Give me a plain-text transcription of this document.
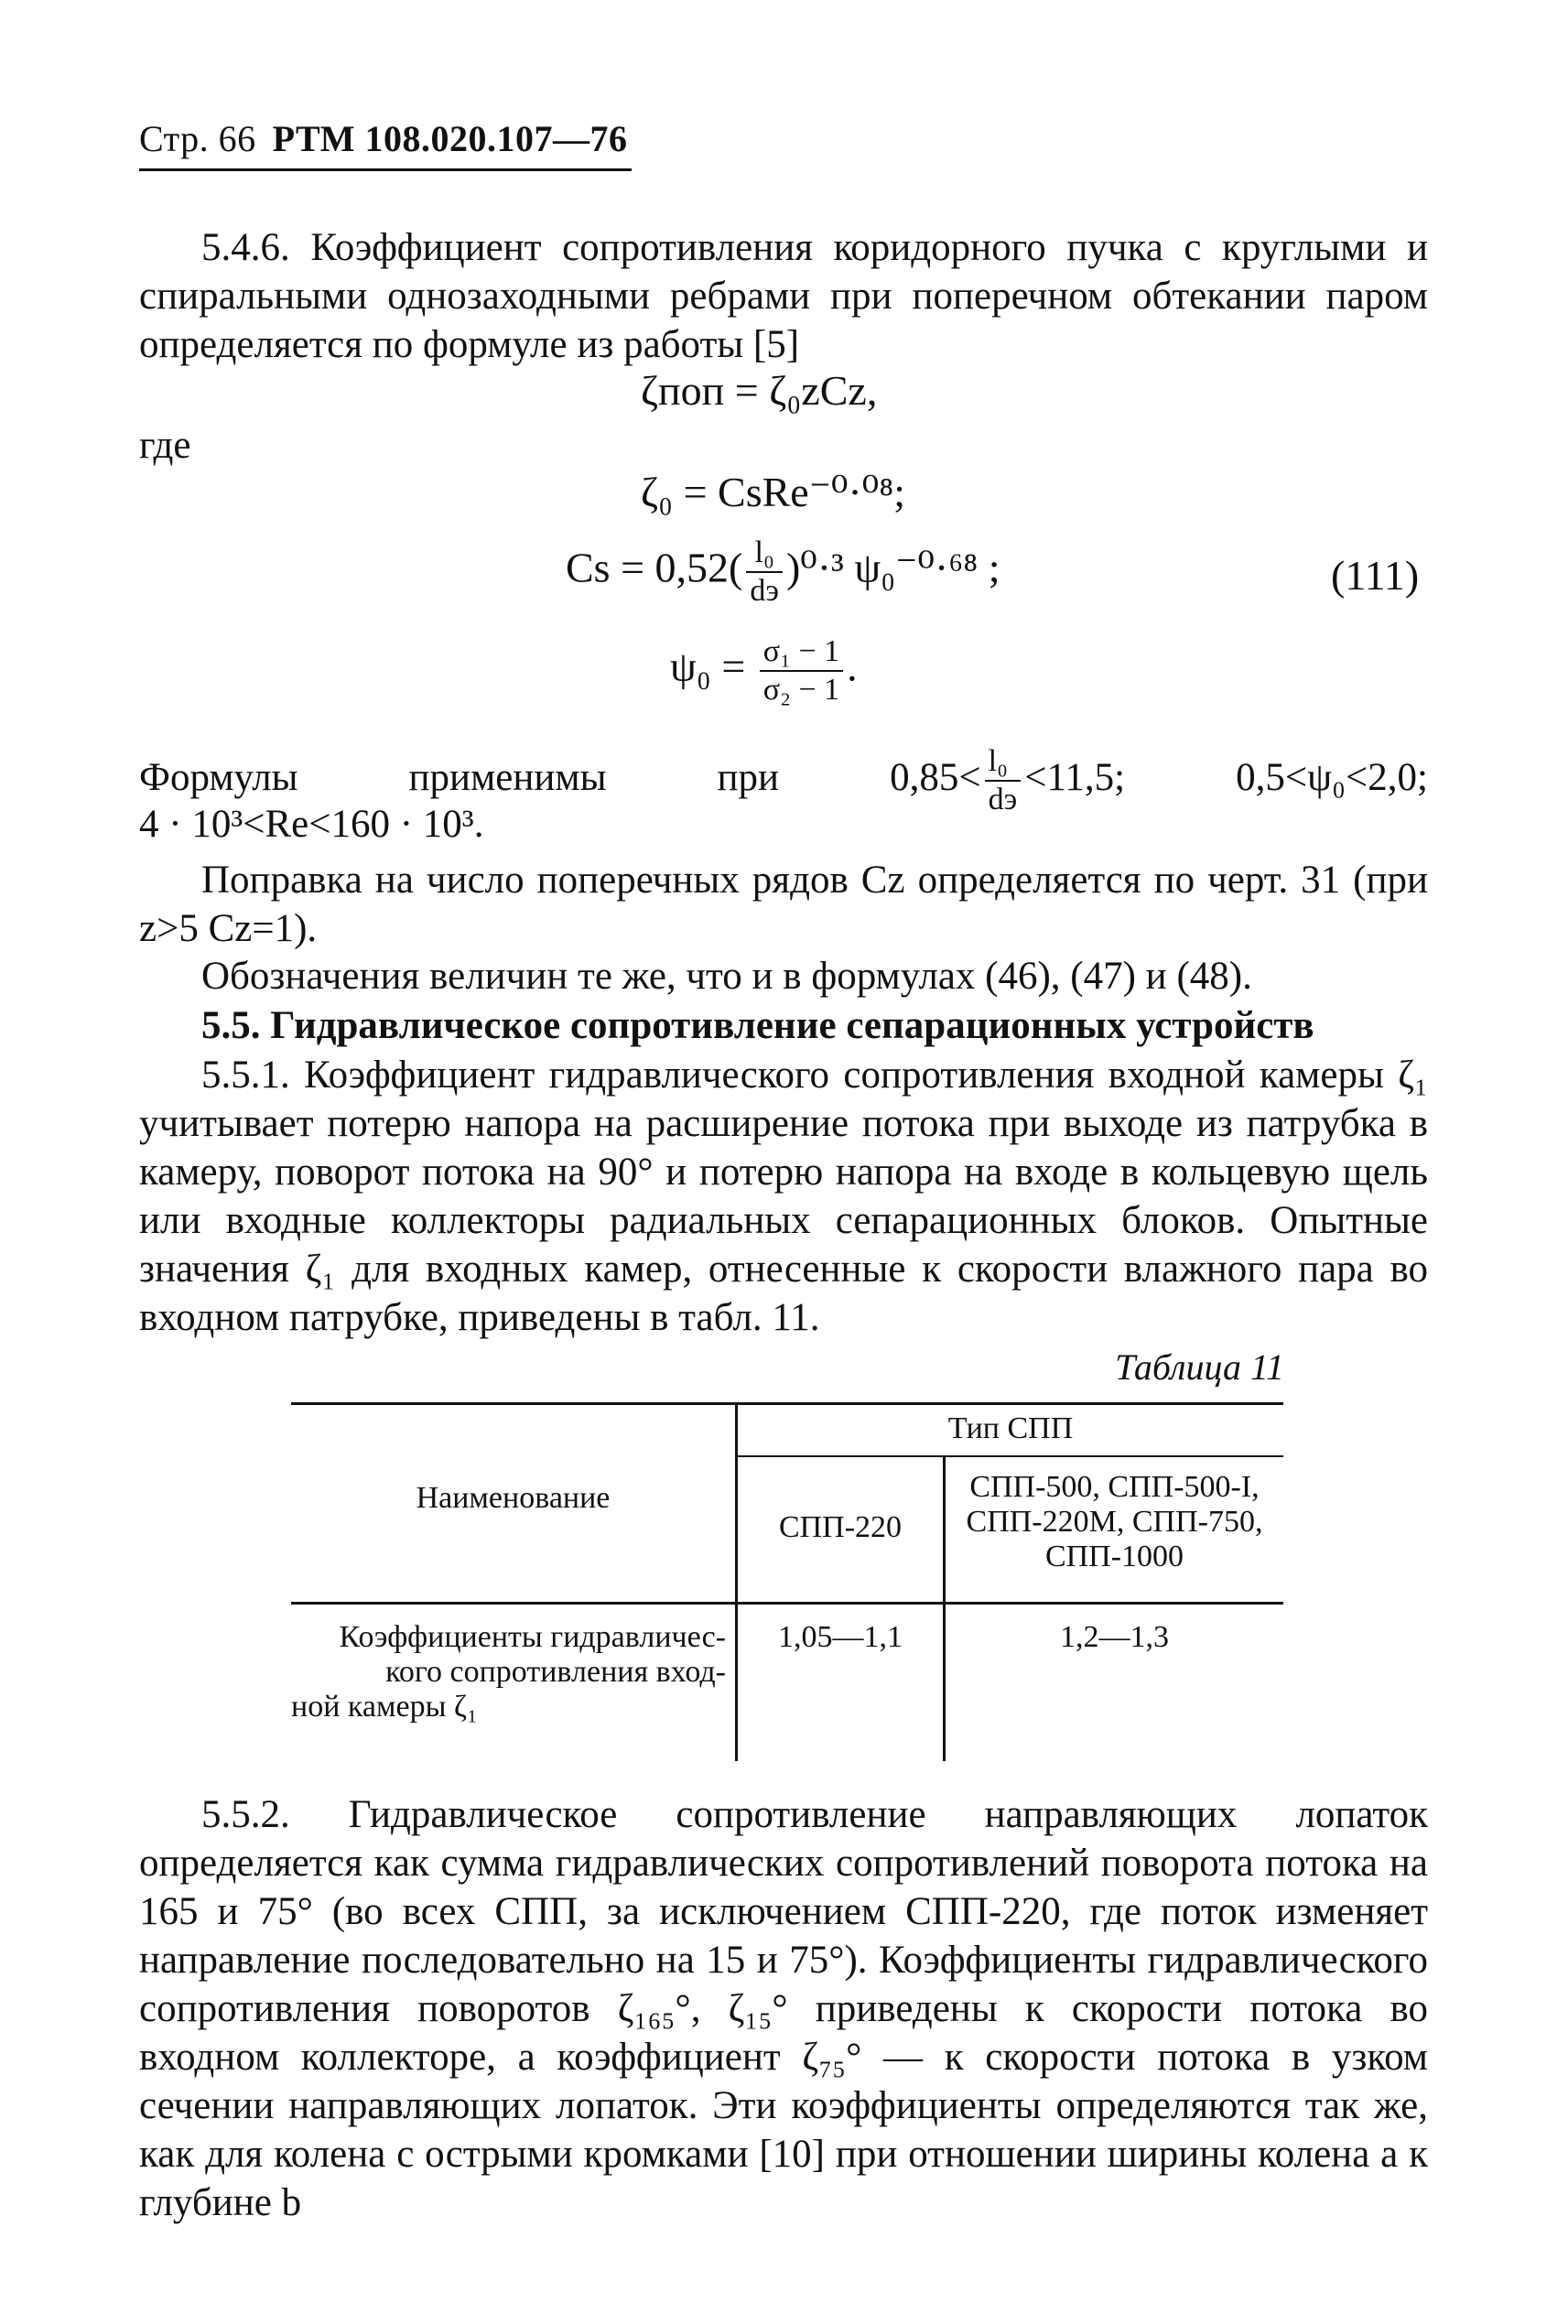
Стр. 66 РТМ 108.020.107—76
5.4.6. Коэффициент сопротивления коридорного пучка с круглыми и спиральными однозаходными ребрами при поперечном обтекании паром определяется по формуле из работы [5]
ζпоп = ζ₀zCz,
где
ζ₀ = CsRe⁻⁰·⁰⁸;
$Cs = 0,52( \frac{\text{l₀}}{dэ} )^0\cdot^3$ ψ₀⁻⁰·⁶⁸ ;	(111)
$\psi_0 = \frac{\text{σ₁ − 1}}{\text{σ₂ − 1}}$ .
Формулы применимы при $0,85< \frac{\text{l₀}}{dэ} <11,5$; 0,5<ψ₀<2,0;
4 · 10³<Re<160 · 10³.
Поправка на число поперечных рядов Cz определяется по черт. 31 (при z>5 Cz=1).
Обозначения величин те же, что и в формулах (46), (47) и (48).
5.5. Гидравлическое сопротивление сепарационных устройств
5.5.1. Коэффициент гидравлического сопротивления входной камеры ζ₁ учитывает потерю напора на расширение потока при выходе из патрубка в камеру, поворот потока на 90° и потерю напора на входе в кольцевую щель или входные коллекторы радиальных сепарационных блоков. Опытные значения ζ₁ для входных камер, отнесенные к скорости влажного пара во входном патрубке, приведены в табл. 11.
Таблица 11
Наименование
Тип СПП
СПП-220
СПП-500, СПП-500-I,
СПП-220М, СПП-750,
СПП-1000
Коэффициенты гидравличес-
кого сопротивления вход-
ной камеры ζ₁
1,05—1,1	1,2—1,3
5.5.2. Гидравлическое сопротивление направляющих лопаток определяется как сумма гидравлических сопротивлений поворота потока на 165 и 75° (во всех СПП, за исключением СПП-220, где поток изменяет направление последовательно на 15 и 75°). Коэффициенты гидравлического сопротивления поворотов ζ₁₆₅°, ζ₁₅° приведены к скорости потока во входном коллекторе, а коэффициент ζ₇₅° — к скорости потока в узком сечении направляющих лопаток. Эти коэффициенты определяются так же, как для колена с острыми кромками [10] при отношении ширины колена a к глубине b
